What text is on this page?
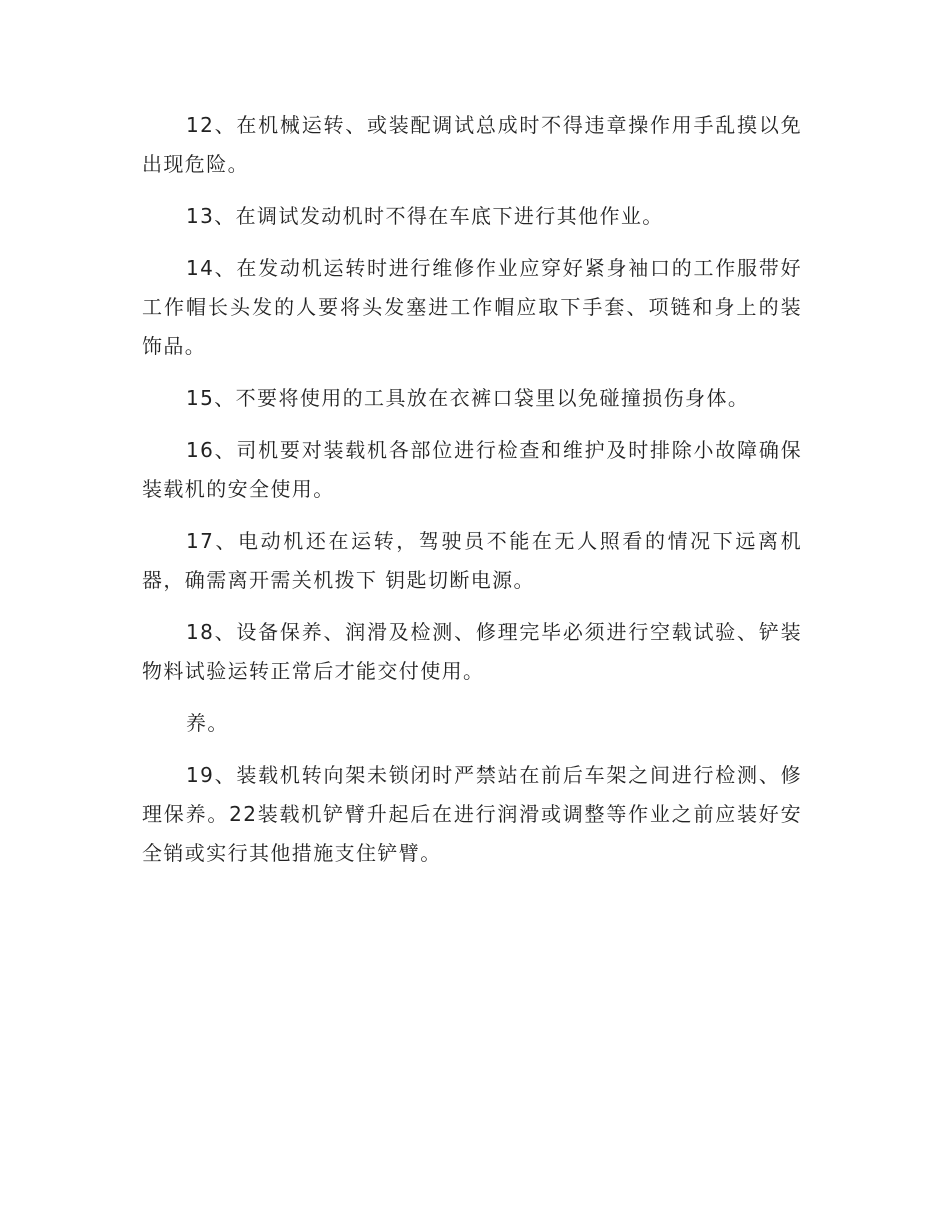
12、在机械运转、或装配调试总成时不得违章操作用手乱摸以免出现危险。

13、在调试发动机时不得在车底下进行其他作业。

14、在发动机运转时进行维修作业应穿好紧身袖口的工作服带好工作帽长头发的人要将头发塞进工作帽应取下手套、项链和身上的装饰品。

15、不要将使用的工具放在衣裤口袋里以免碰撞损伤身体。

16、司机要对装载机各部位进行检查和维护及时排除小故障确保装载机的安全使用。

17、电动机还在运转，驾驶员不能在无人照看的情况下远离机器，确需离开需关机拨下 钥匙切断电源。

18、设备保养、润滑及检测、修理完毕必须进行空载试验、铲装物料试验运转正常后才能交付使用。

养。

19、装载机转向架未锁闭时严禁站在前后车架之间进行检测、修理保养。22装载机铲臂升起后在进行润滑或调整等作业之前应装好安全销或实行其他措施支住铲臂。
